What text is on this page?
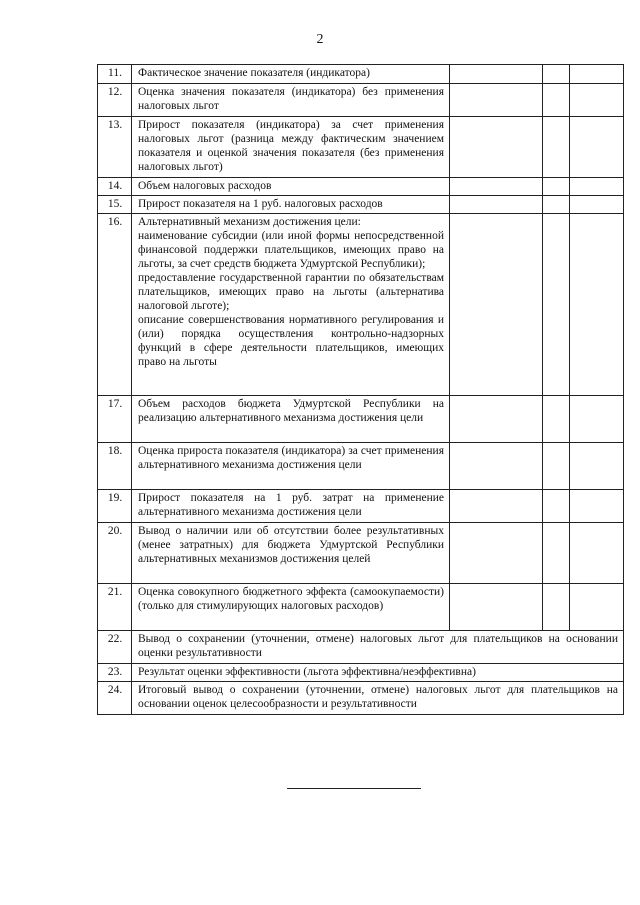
2
11.	Фактическое значение показателя (индикатора)			

12.	Оценка значения показателя (индикатора) без применения налоговых льгот			

13.	Прирост показателя (индикатора) за счет применения налоговых льгот (разница между фактическим значением показателя и оценкой значения показателя (без применения налоговых льгот)			

14.	Объем налоговых расходов			

15.	Прирост показателя на 1 руб. налоговых расходов			

16.	Альтернативный механизм достижения цели:
наименование субсидии (или иной формы непосредственной финансовой поддержки плательщиков, имеющих право на льготы, за счет средств бюджета Удмуртской Республики);
предоставление государственной гарантии по обязательствам плательщиков, имеющих право на льготы (альтернатива налоговой льготе);
описание совершенствования нормативного регулирования и (или) порядка осуществления контрольно-надзорных функций в сфере деятельности плательщиков, имеющих право на льготы			

17.	Объем расходов бюджета Удмуртской Республики на реализацию альтернативного механизма достижения цели			

18.	Оценка прироста показателя (индикатора) за счет применения альтернативного механизма достижения цели			

19.	Прирост показателя на 1 руб. затрат на применение альтернативного механизма достижения цели			

20.	Вывод о наличии или об отсутствии более результативных (менее затратных) для бюджета Удмуртской Республики альтернативных механизмов достижения целей			

21.	Оценка совокупного бюджетного эффекта (самоокупаемости) (только для стимулирующих налоговых расходов)			

22.	Вывод о сохранении (уточнении, отмене) налоговых льгот для плательщиков на основании оценки результативности			

23.	Результат оценки эффективности (льгота эффективна/неэффективна)			

24.	Итоговый вывод о сохранении (уточнении, отмене) налоговых льгот для плательщиков на основании оценок целесообразности и результативности			
